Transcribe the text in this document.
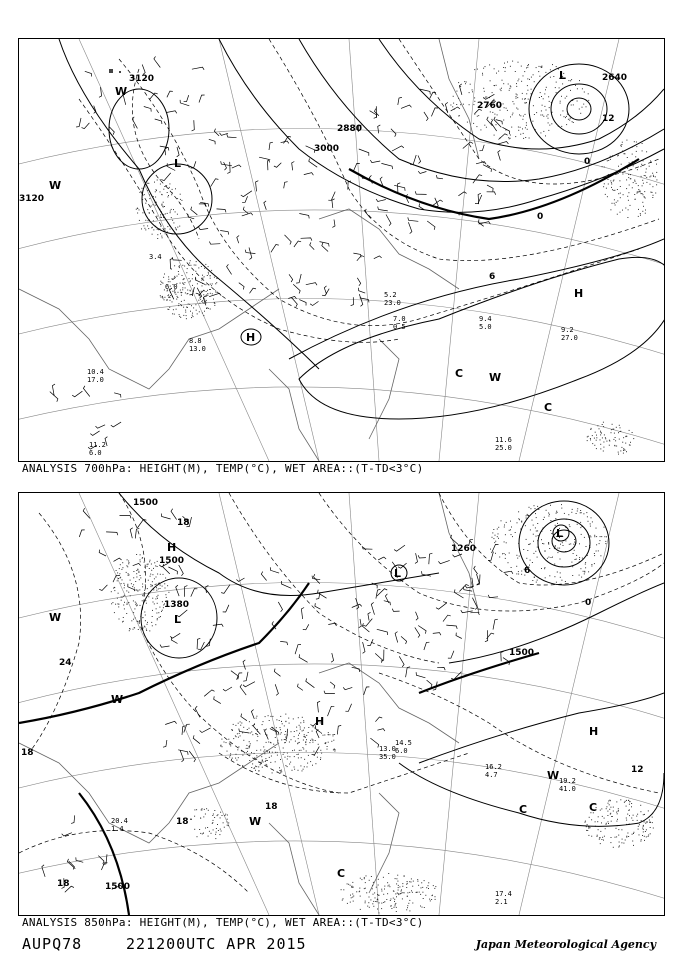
3120
3120
3000
2880
2760
2640
12
0
6
0
L
L
H
H
W
W
C W
C
9.4
5.0	9.2
27.0
11.6
25.0
10.4
17.0
11.2
6.0
5.2
23.0
7.0
0.5
8.8
13.0
6.0
3.4
ANALYSIS 700hPa: HEIGHT(M), TEMP(°C), WET AREA::(T-TD<3°C)
1500
1500
1380
1260
1500
1500
18
24
18
18
18
12
6
0
18
H
L
L
L
H
H
W
W
W
W
C	C
C
16.2
4.7
19.2
41.0
17.4
2.1
13.0
35.0
14.5
6.0
20.4
1.4
ANALYSIS 850hPa: HEIGHT(M), TEMP(°C), WET AREA::(T-TD<3°C)
AUPQ78	221200UTC APR 2015	Japan Meteorological Agency
